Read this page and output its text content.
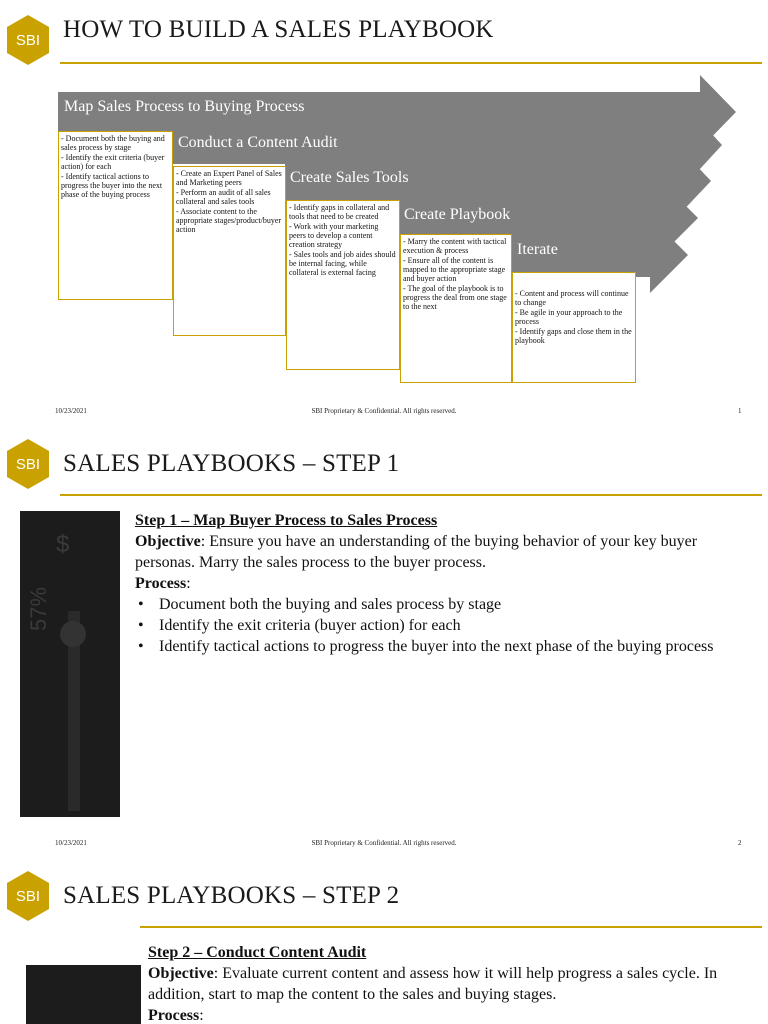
SBI HOW TO BUILD A SALES PLAYBOOK
Map Sales Process to Buying Process
Conduct a Content Audit
Create Sales Tools
Create Playbook
Iterate
- Document both the buying and sales process by stage
- Identify the exit criteria (buyer action) for each
- Identify tactical actions to progress the buyer into the next phase of the buying process
- Create an Expert Panel of Sales and Marketing peers
- Perform an audit of all sales collateral and sales tools
- Associate content to the appropriate stages/product/buyer action
- Identify gaps in collateral and tools that need to be created
- Work with your marketing peers to develop a content creation strategy
- Sales tools and job aides should be internal facing, while collateral is external facing
- Marry the content with tactical execution & process
- Ensure all of the content is mapped to the appropriate stage and buyer action
- The goal of the playbook is to progress the deal from one stage to the next
- Content and process will continue to change
- Be agile in your approach to the process
- Identify gaps and close them in the playbook
10/23/2021	SBI Proprietary & Confidential. All rights reserved.	1
SBI SALES PLAYBOOKS – STEP 1
$
57%
Step 1 – Map Buyer Process to Sales Process
Objective: Ensure you have an understanding of the buying behavior of your key buyer personas. Marry the sales process to the buyer process.
Process:
• Document both the buying and sales process by stage
• Identify the exit criteria (buyer action) for each
• Identify tactical actions to progress the buyer into the next phase of the buying process
10/23/2021	SBI Proprietary & Confidential. All rights reserved.	2
SBI SALES PLAYBOOKS – STEP 2
Step 2 – Conduct Content Audit
Objective: Evaluate current content and assess how it will help progress a sales cycle. In addition, start to map the content to the sales and buying stages.
Process:
